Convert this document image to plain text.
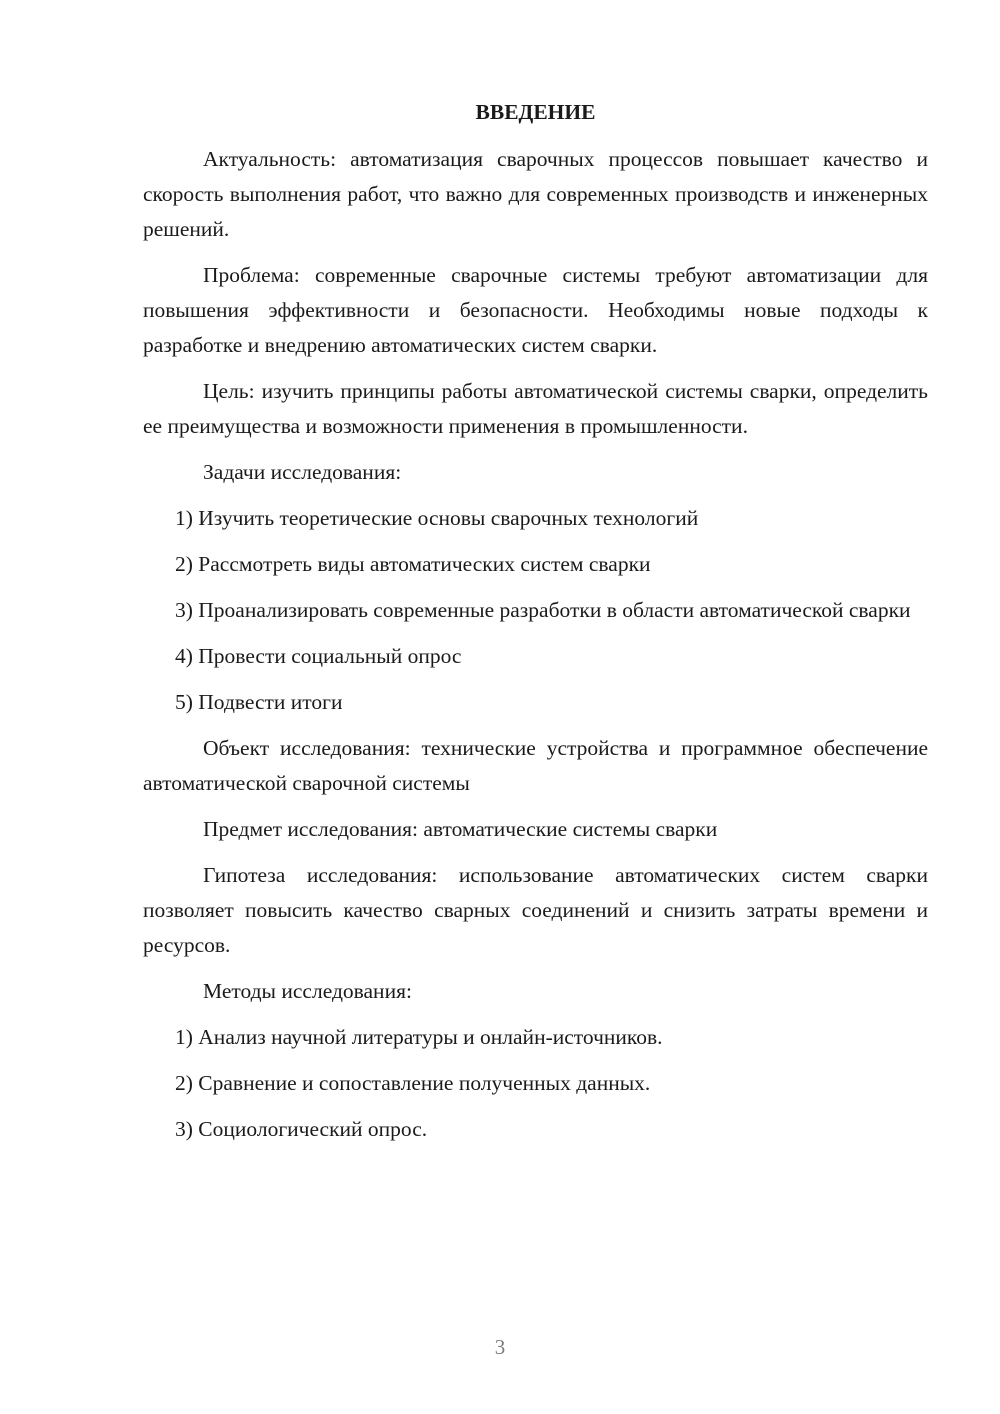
ВВЕДЕНИЕ

Актуальность: автоматизация сварочных процессов повышает качество и скорость выполнения работ, что важно для современных производств и инженерных решений.

Проблема: современные сварочные системы требуют автоматизации для повышения эффективности и безопасности. Необходимы новые подходы к разработке и внедрению автоматических систем сварки.

Цель: изучить принципы работы автоматической системы сварки, определить ее преимущества и возможности применения в промышленности.

Задачи исследования:

1) Изучить теоретические основы сварочных технологий

2) Рассмотреть виды автоматических систем сварки

3) Проанализировать современные разработки в области автоматической сварки

4) Провести социальный опрос

5) Подвести итоги

Объект исследования: технические устройства и программное обеспечение автоматической сварочной системы

Предмет исследования: автоматические системы сварки

Гипотеза исследования: использование автоматических систем сварки позволяет повысить качество сварных соединений и снизить затраты времени и ресурсов.

Методы исследования:

1) Анализ научной литературы и онлайн-источников.

2) Сравнение и сопоставление полученных данных.

3) Социологический опрос.

3
